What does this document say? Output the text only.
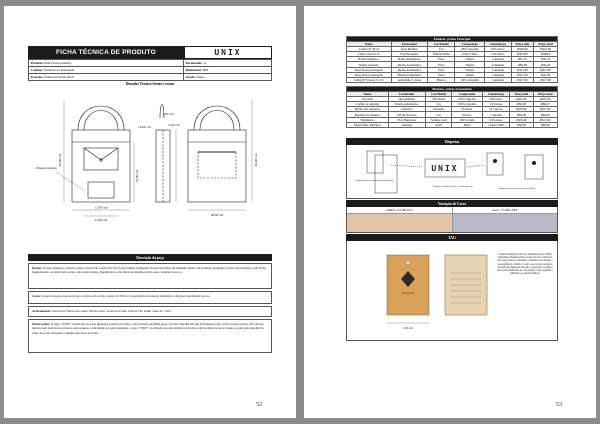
FICHA TÉCNICA DE PRODUTO	UNIX
Produto: Bolsa Tote (unissex)	Fornecedor: G
Coleção: Essência do Antiquado	Referência: B03
Estação: Primavera/Verão 2019	Grade: Única
Desenho Técnico frente e costas
30,00 cm
14,00 cm
19,00 cm
13,00 cm
12,00 cm
6,00 cm
2,00 cm
30,00 cm
38,00 cm
Etiqueta externa
Descrição da peça
Frente: A parte dianteira coloana é feita com tecido Lonita OC ECO em formato retangular. Possui um bolso de tamanho médio em formato retangular e bolso em envelope com botão magnetizado. As alças tem costura reforçada rebites, haganilados e são feitas no mesmo tecido que o restante da peça.
Costa: A parte traseira externa da peça é feita com tecido Lonita OC ECO e possui um bolso medio embutido com ziper metalizado grosso.
Acabamentos: Devem ser feitos em costura. Bolsa com o tecido de Linho Canvas LN, assim como no "viés".
Observações: O logo "UNIX" localizado na parte dianteira externa será feito com bordado em linha preta. A bolsa Tote/Bu em um fechamento feito com a borda Canvas LN, em sua interior tem dois bolsos abertos, um pequeno e um médio na parte dianteira, a logo "UNIX" localizado na parte interna será feito com bordado na parte traseira. A alça em algodão da TAG deve ser amarrada a alguma das alças da bolsa.
52
Matéria- prima Principal						
Nome	Fornecedor	Cor/Tamho	Composição	Consumo/pç	Preço unit	Preço total
Lonita OC ECO	Dois Robbies	Cru	100% Algodão	0,65 metro	R$29,00	R$22,00
Linho canvas LN	Fios Bordados	Natural Palha	100% Linho	1,00 metro	R$33,00	R$48,0
Botão magnético	Bazar Aviamentos	Prata	Níquel	1 unidade	R$1,35	R$1,35
Rebite redondo	Rioma Aviamentos	Prata	Níquel	4 unidades	R$0,60	R$2,40
Ziper metal estrangeiro	Rioma Aviamentos	Prata	Níquel	1 unidade	R$11,90	R$11,90
Ziper metal estrangeiro	Rioma Aviamentos	Prata	Níquel	1 unidade	R$11,90	R$1,90
Linha PT Vazada Ct. 03	Armarinho S. Rosa	Branca	100% Algodão	1 unidade	R$17,90	R$17,90
Matéria- prima Secundária						
Nome	Fornecedor	Cor/Tamho	Composição	Consumo/pç	Preço unit	Preço total
Tricoline	Dois Robbies	Off White	100% Algodão	0,60 metro	R$35,00	R$37,00
Cordão de algodão	Rioma Aviamentos	Cru	100% Algodão	1,20 metro	R$0,60	R$0,47
Bucho das etiquetas	Deserica	Dourado	Poliéster	23 a grosso	R$39,00	R$17,60
Bordado da etiqueta	Fabrik Serviços	Cru	Serviço	1 unidade	R$6,00	R$6,00
Tingimento	Fios Bordados	Salmão Acid	100% Linho	0,65 metro	R$33,00	R$13,20
Papel Kraft A4(TAG)	Kalunga	Kraft	Papel	1 Papel 1Dfls	R$0,60	R$0,60
Etiquetas
UNIX
Etiqueta Interna na parte lateral interior
Etiqueta central na parte Central Superior
Etiqueta lateral na parte frontal lateral
Variação de Cores
Salmão 13-1108 TCX	Areal - 17-4015 TPX
TAG
6,00 cm
A sustentabilidade é um dos fundamentos da UNIX. Utilizando Matéria-prima cotada em para confecção das nossas bolsas e mochilas, pensamos em atender a necessidade do público jovem, que procura produtos de moda em diferentes arrivals, acessórios e produtos para serem utilizados na, de respeitar a não agridam o ambiente e a saúde saudável.
53
